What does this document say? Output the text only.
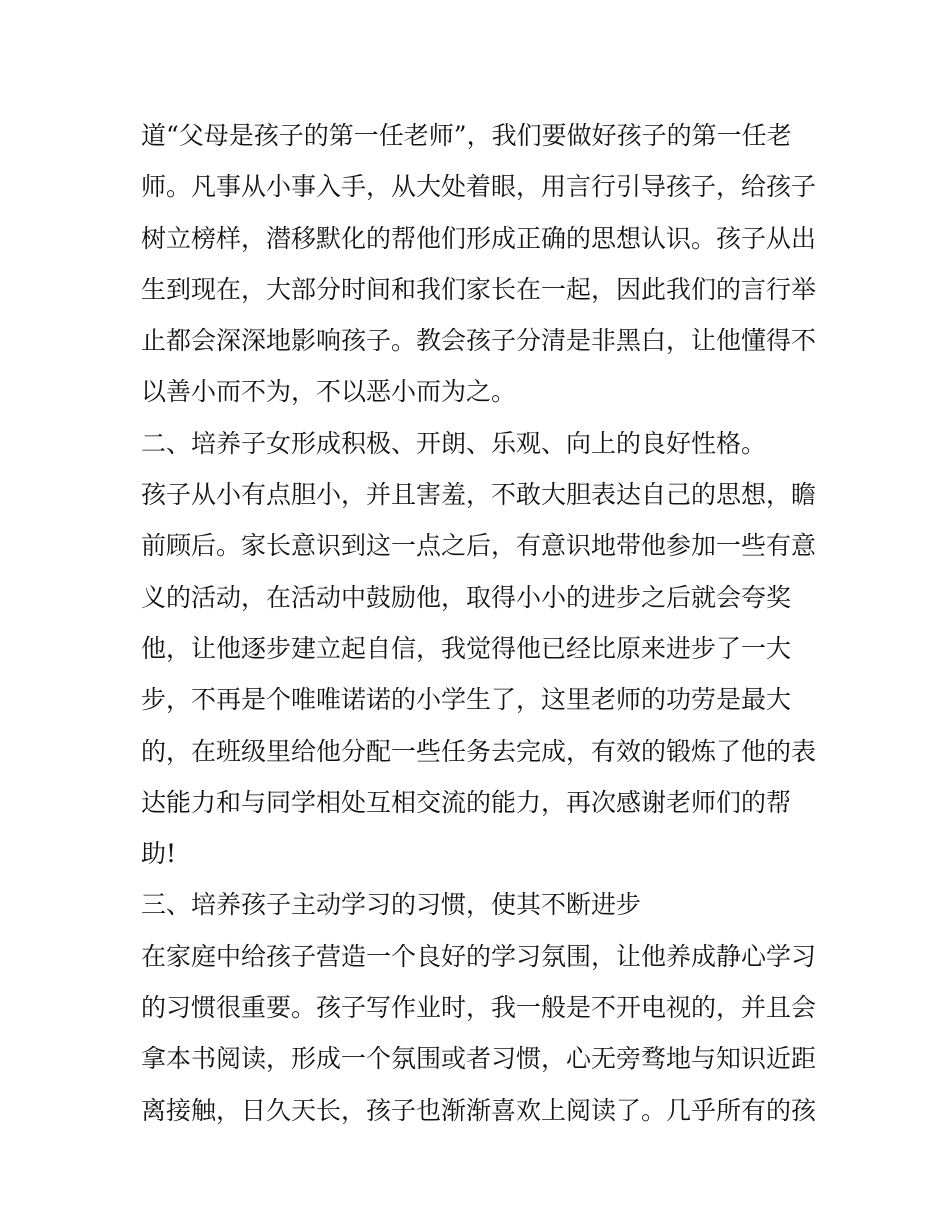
道“父母是孩子的第一任老师”，我们要做好孩子的第一任老
师。凡事从小事入手，从大处着眼，用言行引导孩子，给孩子
树立榜样，潜移默化的帮他们形成正确的思想认识。孩子从出
生到现在，大部分时间和我们家长在一起，因此我们的言行举
止都会深深地影响孩子。教会孩子分清是非黑白，让他懂得不
以善小而不为，不以恶小而为之。
二、培养子女形成积极、开朗、乐观、向上的良好性格。
孩子从小有点胆小，并且害羞，不敢大胆表达自己的思想，瞻
前顾后。家长意识到这一点之后，有意识地带他参加一些有意
义的活动，在活动中鼓励他，取得小小的进步之后就会夸奖
他，让他逐步建立起自信，我觉得他已经比原来进步了一大
步，不再是个唯唯诺诺的小学生了，这里老师的功劳是最大
的，在班级里给他分配一些任务去完成，有效的锻炼了他的表
达能力和与同学相处互相交流的能力，再次感谢老师们的帮
助!
三、培养孩子主动学习的习惯，使其不断进步
在家庭中给孩子营造一个良好的学习氛围，让他养成静心学习
的习惯很重要。孩子写作业时，我一般是不开电视的，并且会
拿本书阅读，形成一个氛围或者习惯，心无旁骛地与知识近距
离接触，日久天长，孩子也渐渐喜欢上阅读了。几乎所有的孩
